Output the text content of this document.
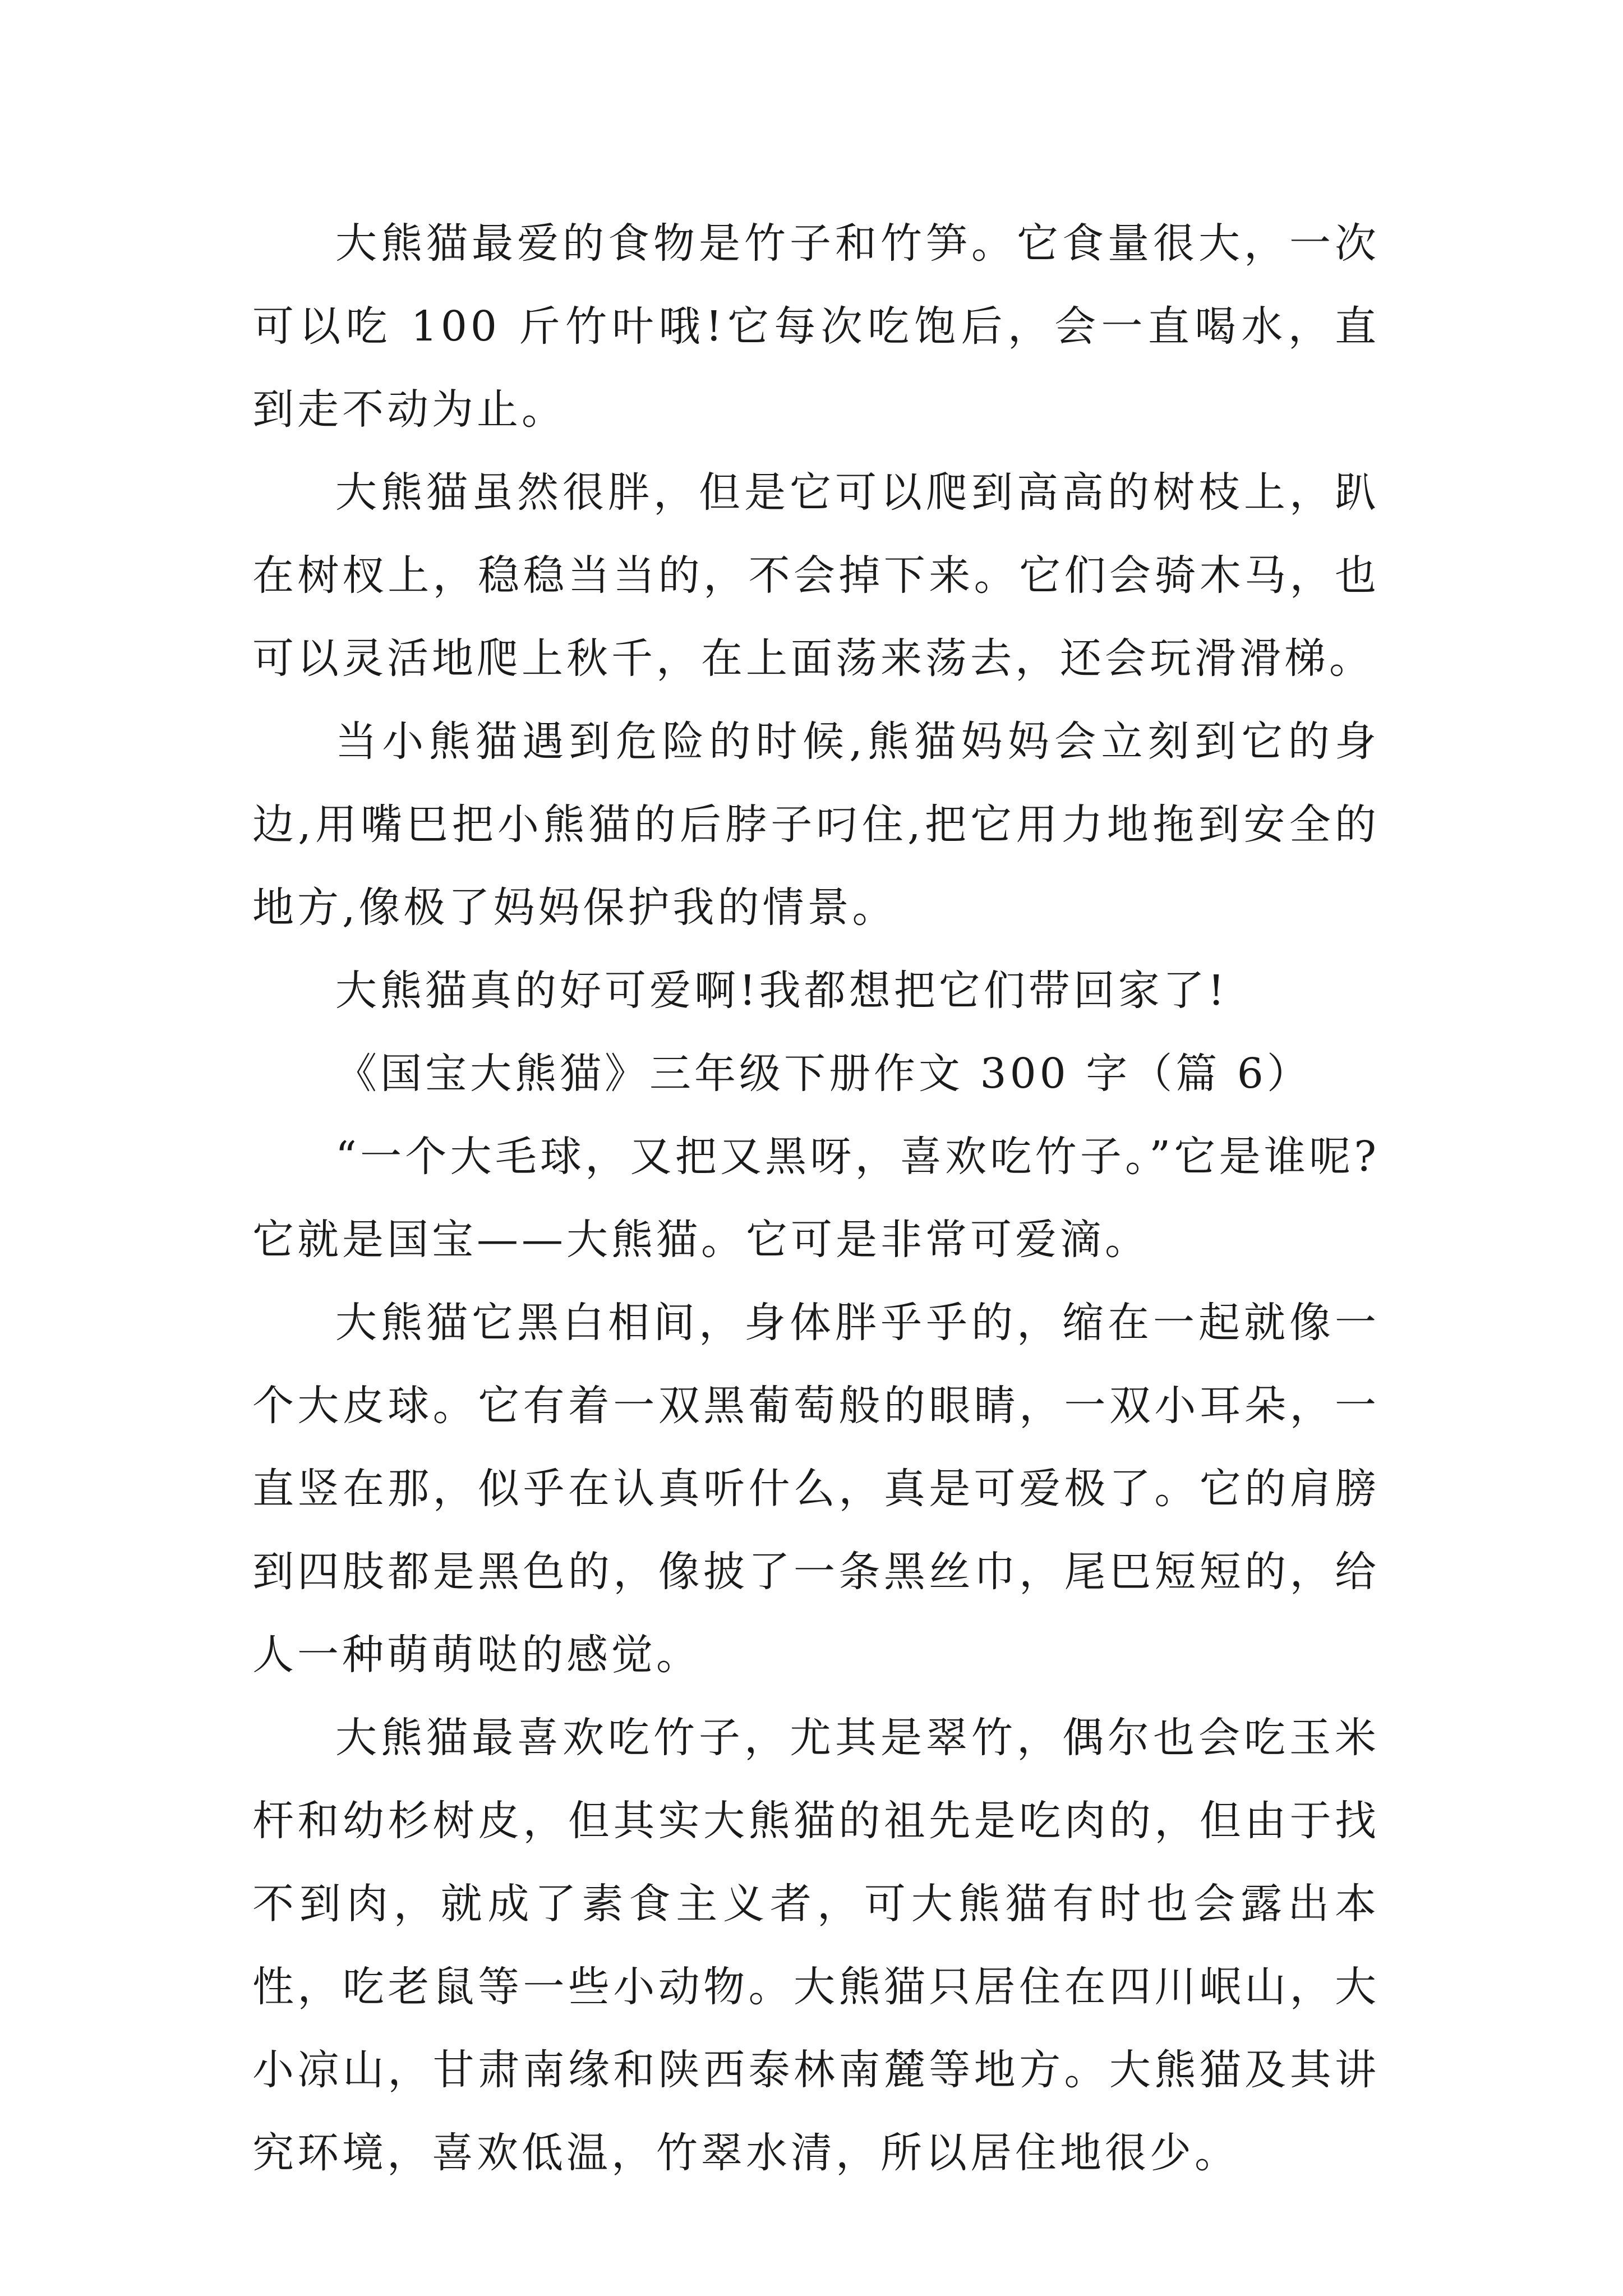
大熊猫最爱的食物是竹子和竹笋。它食量很大，一次可以吃 100 斤竹叶哦!它每次吃饱后，会一直喝水，直到走不动为止。

大熊猫虽然很胖，但是它可以爬到高高的树枝上，趴在树杈上，稳稳当当的，不会掉下来。它们会骑木马，也可以灵活地爬上秋千，在上面荡来荡去，还会玩滑滑梯。

当小熊猫遇到危险的时候,熊猫妈妈会立刻到它的身边,用嘴巴把小熊猫的后脖子叼住,把它用力地拖到安全的地方,像极了妈妈保护我的情景。

大熊猫真的好可爱啊!我都想把它们带回家了!

《国宝大熊猫》三年级下册作文 300 字（篇 6）

“一个大毛球，又把又黑呀，喜欢吃竹子。”它是谁呢?它就是国宝——大熊猫。它可是非常可爱滴。

大熊猫它黑白相间，身体胖乎乎的，缩在一起就像一个大皮球。它有着一双黑葡萄般的眼睛，一双小耳朵，一直竖在那，似乎在认真听什么，真是可爱极了。它的肩膀到四肢都是黑色的，像披了一条黑丝巾，尾巴短短的，给人一种萌萌哒的感觉。

大熊猫最喜欢吃竹子，尤其是翠竹，偶尔也会吃玉米杆和幼杉树皮，但其实大熊猫的祖先是吃肉的，但由于找不到肉，就成了素食主义者，可大熊猫有时也会露出本性，吃老鼠等一些小动物。大熊猫只居住在四川岷山，大小凉山，甘肃南缘和陕西泰林南麓等地方。大熊猫及其讲究环境，喜欢低温，竹翠水清，所以居住地很少。
